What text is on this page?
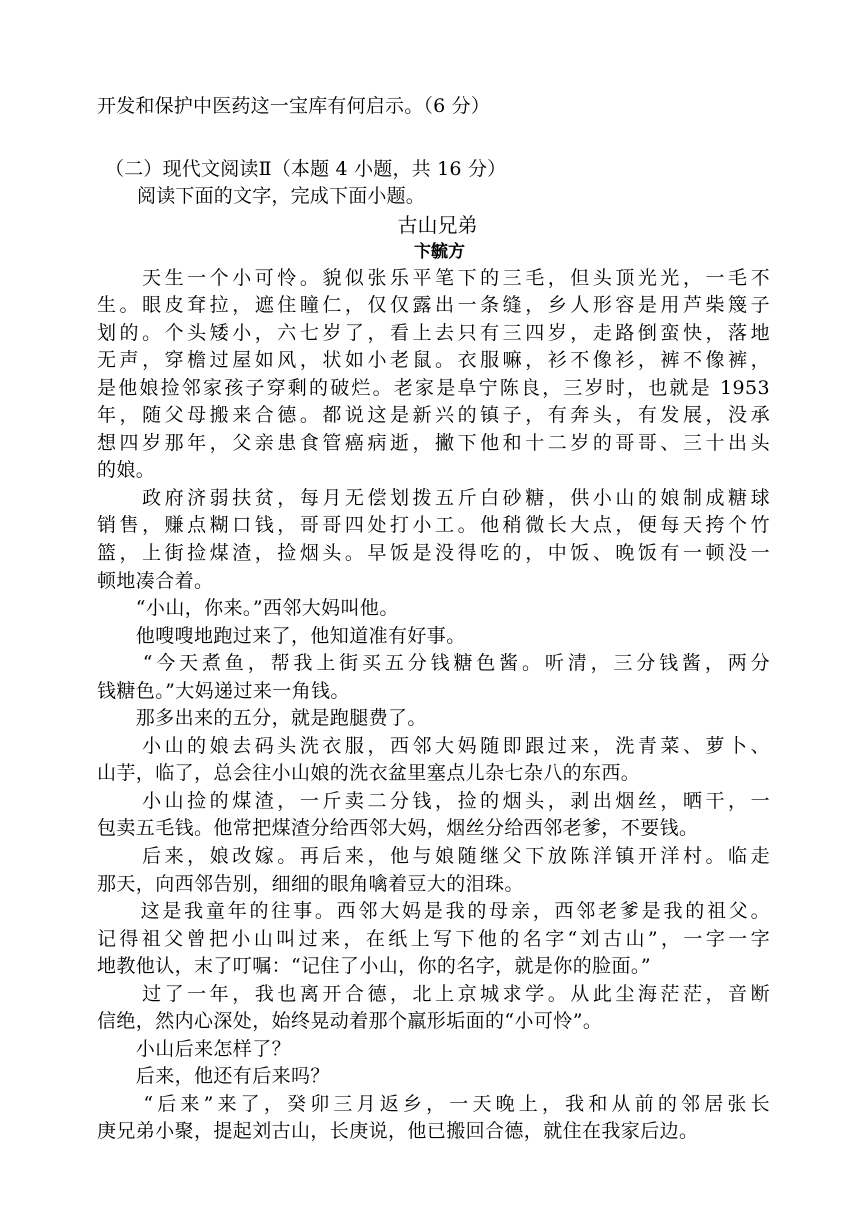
开发和保护中医药这一宝库有何启示。（6 分）
（二）现代文阅读Ⅱ（本题 4 小题，共 16 分）
阅读下面的文字，完成下面小题。
古山兄弟
卞毓方
　　天生一个小可怜。貌似张乐平笔下的三毛，但头顶光光，一毛不
生。眼皮耷拉，遮住瞳仁，仅仅露出一条缝，乡人形容是用芦柴篾子
划的。个头矮小，六七岁了，看上去只有三四岁，走路倒蛮快，落地
无声，穿檐过屋如风，状如小老鼠。衣服嘛，衫不像衫，裤不像裤，
是他娘捡邻家孩子穿剩的破烂。老家是阜宁陈良，三岁时，也就是 1953
年，随父母搬来合德。都说这是新兴的镇子，有奔头，有发展，没承
想四岁那年，父亲患食管癌病逝，撇下他和十二岁的哥哥、三十出头
的娘。
　　政府济弱扶贫，每月无偿划拨五斤白砂糖，供小山的娘制成糖球
销售，赚点糊口钱，哥哥四处打小工。他稍微长大点，便每天挎个竹
篮，上街捡煤渣，捡烟头。早饭是没得吃的，中饭、晚饭有一顿没一
顿地凑合着。
　　“小山，你来。”西邻大妈叫他。
　　他嗖嗖地跑过来了，他知道准有好事。
　　“今天煮鱼，帮我上街买五分钱糖色酱。听清，三分钱酱，两分
钱糖色。”大妈递过来一角钱。
　　那多出来的五分，就是跑腿费了。
　　小山的娘去码头洗衣服，西邻大妈随即跟过来，洗青菜、萝卜、
山芋，临了，总会往小山娘的洗衣盆里塞点儿杂七杂八的东西。
　　小山捡的煤渣，一斤卖二分钱，捡的烟头，剥出烟丝，晒干，一
包卖五毛钱。他常把煤渣分给西邻大妈，烟丝分给西邻老爹，不要钱。
　　后来，娘改嫁。再后来，他与娘随继父下放陈洋镇开洋村。临走
那天，向西邻告别，细细的眼角噙着豆大的泪珠。
　　这是我童年的往事。西邻大妈是我的母亲，西邻老爹是我的祖父。
记得祖父曾把小山叫过来，在纸上写下他的名字“刘古山”，一字一字
地教他认，末了叮嘱：“记住了小山，你的名字，就是你的脸面。”
　　过了一年，我也离开合德，北上京城求学。从此尘海茫茫，音断
信绝，然内心深处，始终晃动着那个羸形垢面的“小可怜”。
　　小山后来怎样了？
　　后来，他还有后来吗？
　　“后来”来了，癸卯三月返乡，一天晚上，我和从前的邻居张长
庚兄弟小聚，提起刘古山，长庚说，他已搬回合德，就住在我家后边。
